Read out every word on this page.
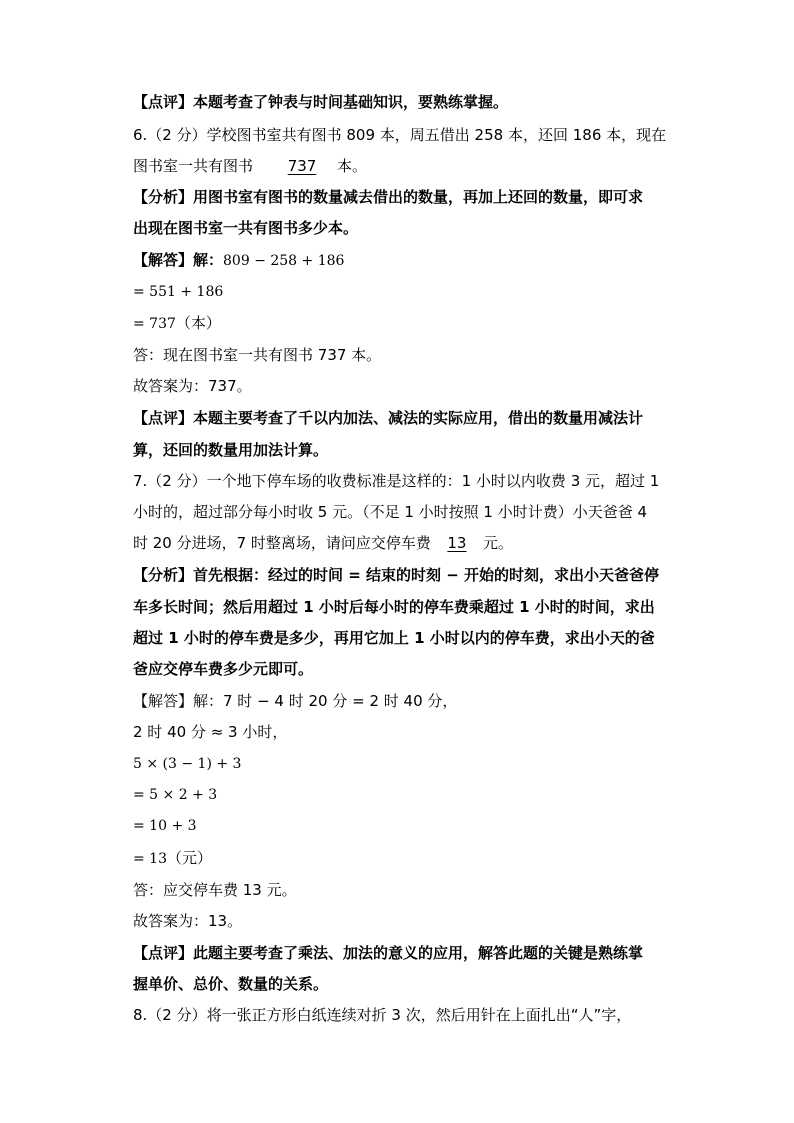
【点评】本题考查了钟表与时间基础知识，要熟练掌握。
6.（2 分）学校图书室共有图书 809 本，周五借出 258 本，还回 186 本，现在
图书室一共有图书 737 本。
【分析】用图书室有图书的数量减去借出的数量，再加上还回的数量，即可求
出现在图书室一共有图书多少本。
【解答】解：809 − 258 + 186
= 551 + 186
= 737（本）
答：现在图书室一共有图书 737 本。
故答案为：737。
【点评】本题主要考查了千以内加法、减法的实际应用，借出的数量用减法计
算，还回的数量用加法计算。
7.（2 分）一个地下停车场的收费标准是这样的：1 小时以内收费 3 元，超过 1
小时的，超过部分每小时收 5 元。（不足 1 小时按照 1 小时计费）小天爸爸 4
时 20 分进场，7 时整离场，请问应交停车费 13 元。
【分析】首先根据：经过的时间 = 结束的时刻 − 开始的时刻，求出小天爸爸停
车多长时间；然后用超过 1 小时后每小时的停车费乘超过 1 小时的时间，求出
超过 1 小时的停车费是多少，再用它加上 1 小时以内的停车费，求出小天的爸
爸应交停车费多少元即可。
【解答】解：7 时 − 4 时 20 分 = 2 时 40 分，
2 时 40 分 ≈ 3 小时，
5 × (3 − 1) + 3
= 5 × 2 + 3
= 10 + 3
= 13（元）
答：应交停车费 13 元。
故答案为：13。
【点评】此题主要考查了乘法、加法的意义的应用，解答此题的关键是熟练掌
握单价、总价、数量的关系。
8.（2 分）将一张正方形白纸连续对折 3 次，然后用针在上面扎出“人”字，
